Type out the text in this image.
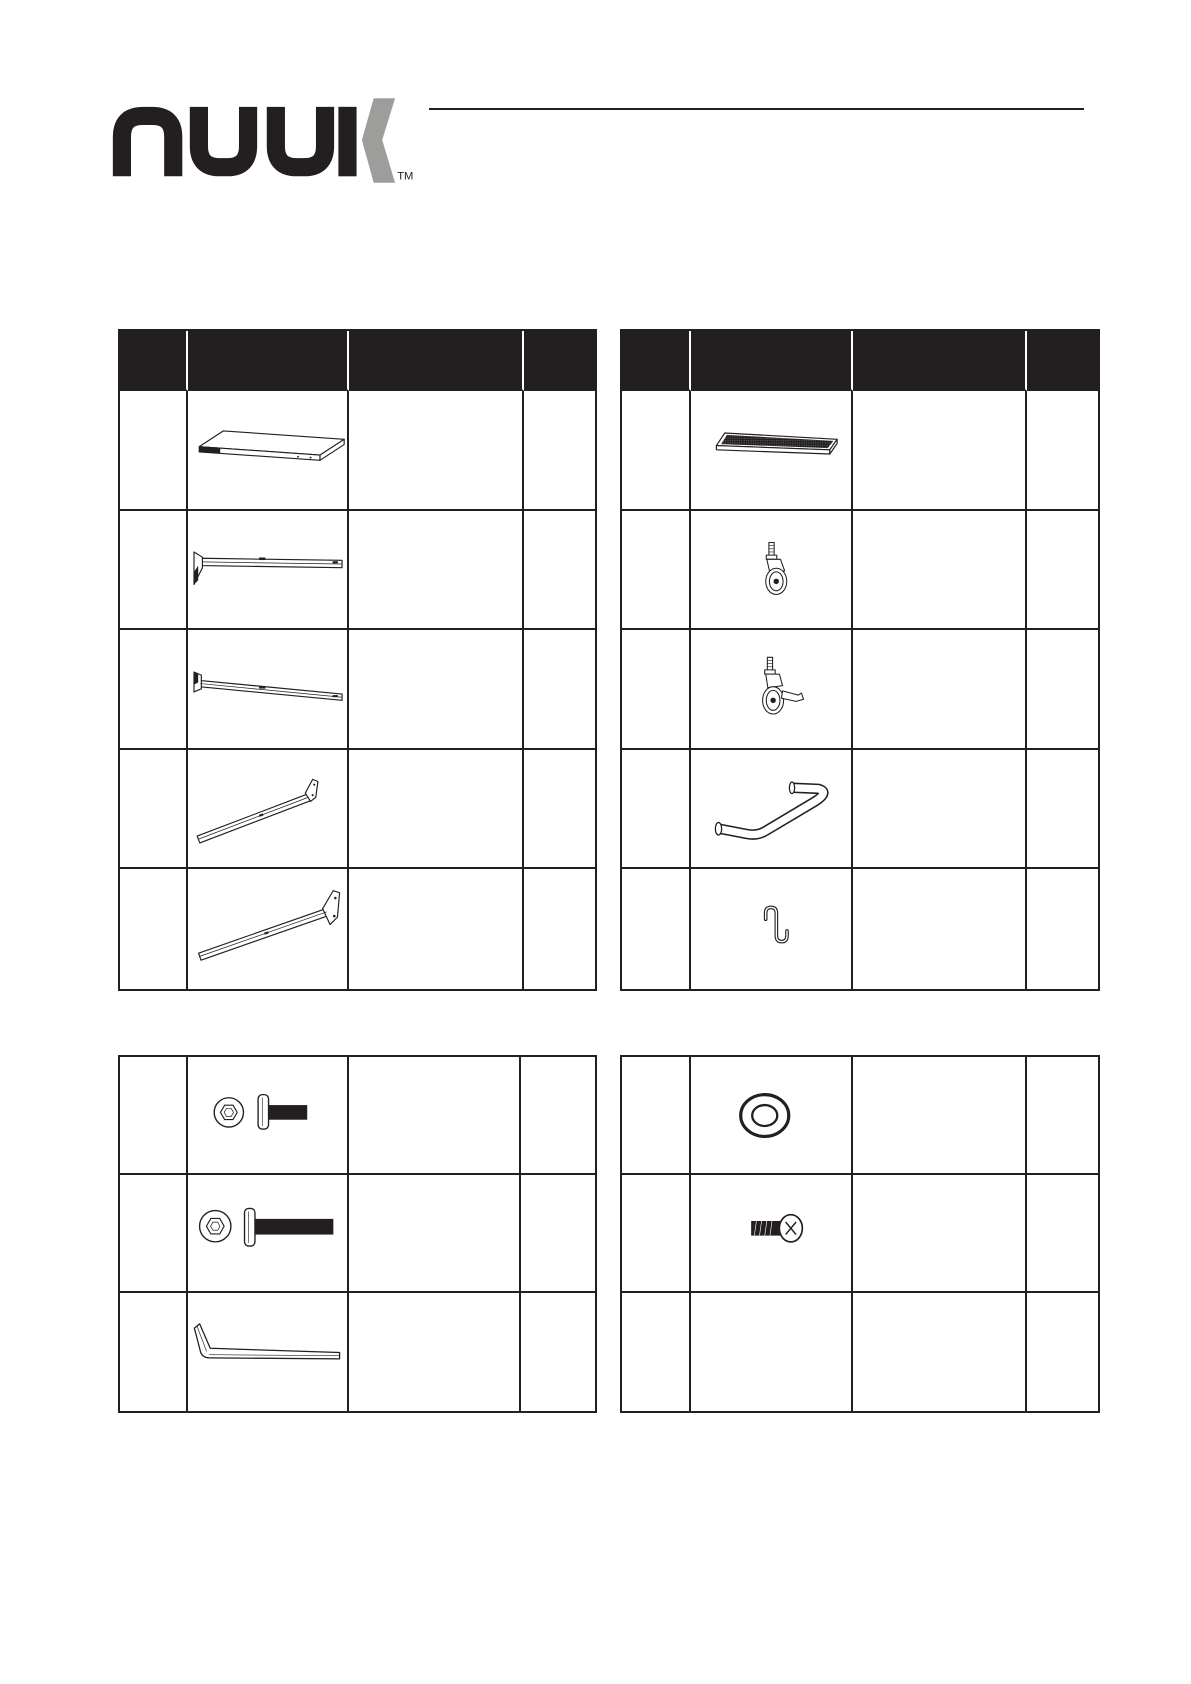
TM
